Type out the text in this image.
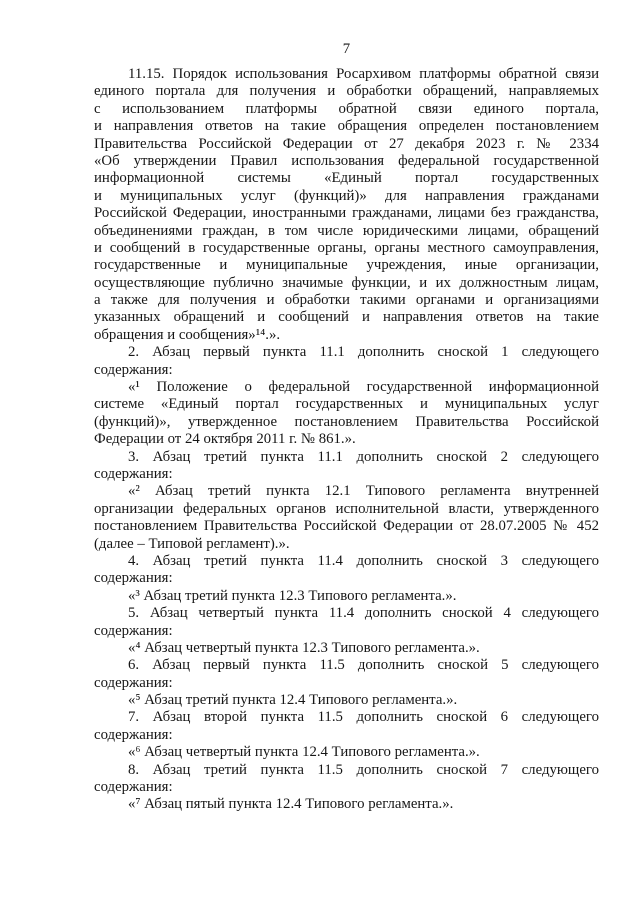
7
11.15. Порядок использования Росархивом платформы обратной связи
единого портала для получения и обработки обращений, направляемых
с использованием платформы обратной связи единого портала,
и направления ответов на такие обращения определен постановлением
Правительства Российской Федерации от 27 декабря 2023 г. № 2334
«Об утверждении Правил использования федеральной государственной
информационной системы «Единый портал государственных
и муниципальных услуг (функций)» для направления гражданами
Российской Федерации, иностранными гражданами, лицами без гражданства,
объединениями граждан, в том числе юридическими лицами, обращений
и сообщений в государственные органы, органы местного самоуправления,
государственные и муниципальные учреждения, иные организации,
осуществляющие публично значимые функции, и их должностным лицам,
а также для получения и обработки такими органами и организациями
указанных обращений и сообщений и направления ответов на такие
обращения и сообщения»¹⁴.».
2. Абзац первый пункта 11.1 дополнить сноской 1 следующего
содержания:
«¹ Положение о федеральной государственной информационной
системе «Единый портал государственных и муниципальных услуг
(функций)», утвержденное постановлением Правительства Российской
Федерации от 24 октября 2011 г. № 861.».
3. Абзац третий пункта 11.1 дополнить сноской 2 следующего
содержания:
«² Абзац третий пункта 12.1 Типового регламента внутренней
организации федеральных органов исполнительной власти, утвержденного
постановлением Правительства Российской Федерации от 28.07.2005 № 452
(далее – Типовой регламент).».
4. Абзац третий пункта 11.4 дополнить сноской 3 следующего
содержания:
«³ Абзац третий пункта 12.3 Типового регламента.».
5. Абзац четвертый пункта 11.4 дополнить сноской 4 следующего
содержания:
«⁴ Абзац четвертый пункта 12.3 Типового регламента.».
6. Абзац первый пункта 11.5 дополнить сноской 5 следующего
содержания:
«⁵ Абзац третий пункта 12.4 Типового регламента.».
7. Абзац второй пункта 11.5 дополнить сноской 6 следующего
содержания:
«⁶ Абзац четвертый пункта 12.4 Типового регламента.».
8. Абзац третий пункта 11.5 дополнить сноской 7 следующего
содержания:
«⁷ Абзац пятый пункта 12.4 Типового регламента.».
